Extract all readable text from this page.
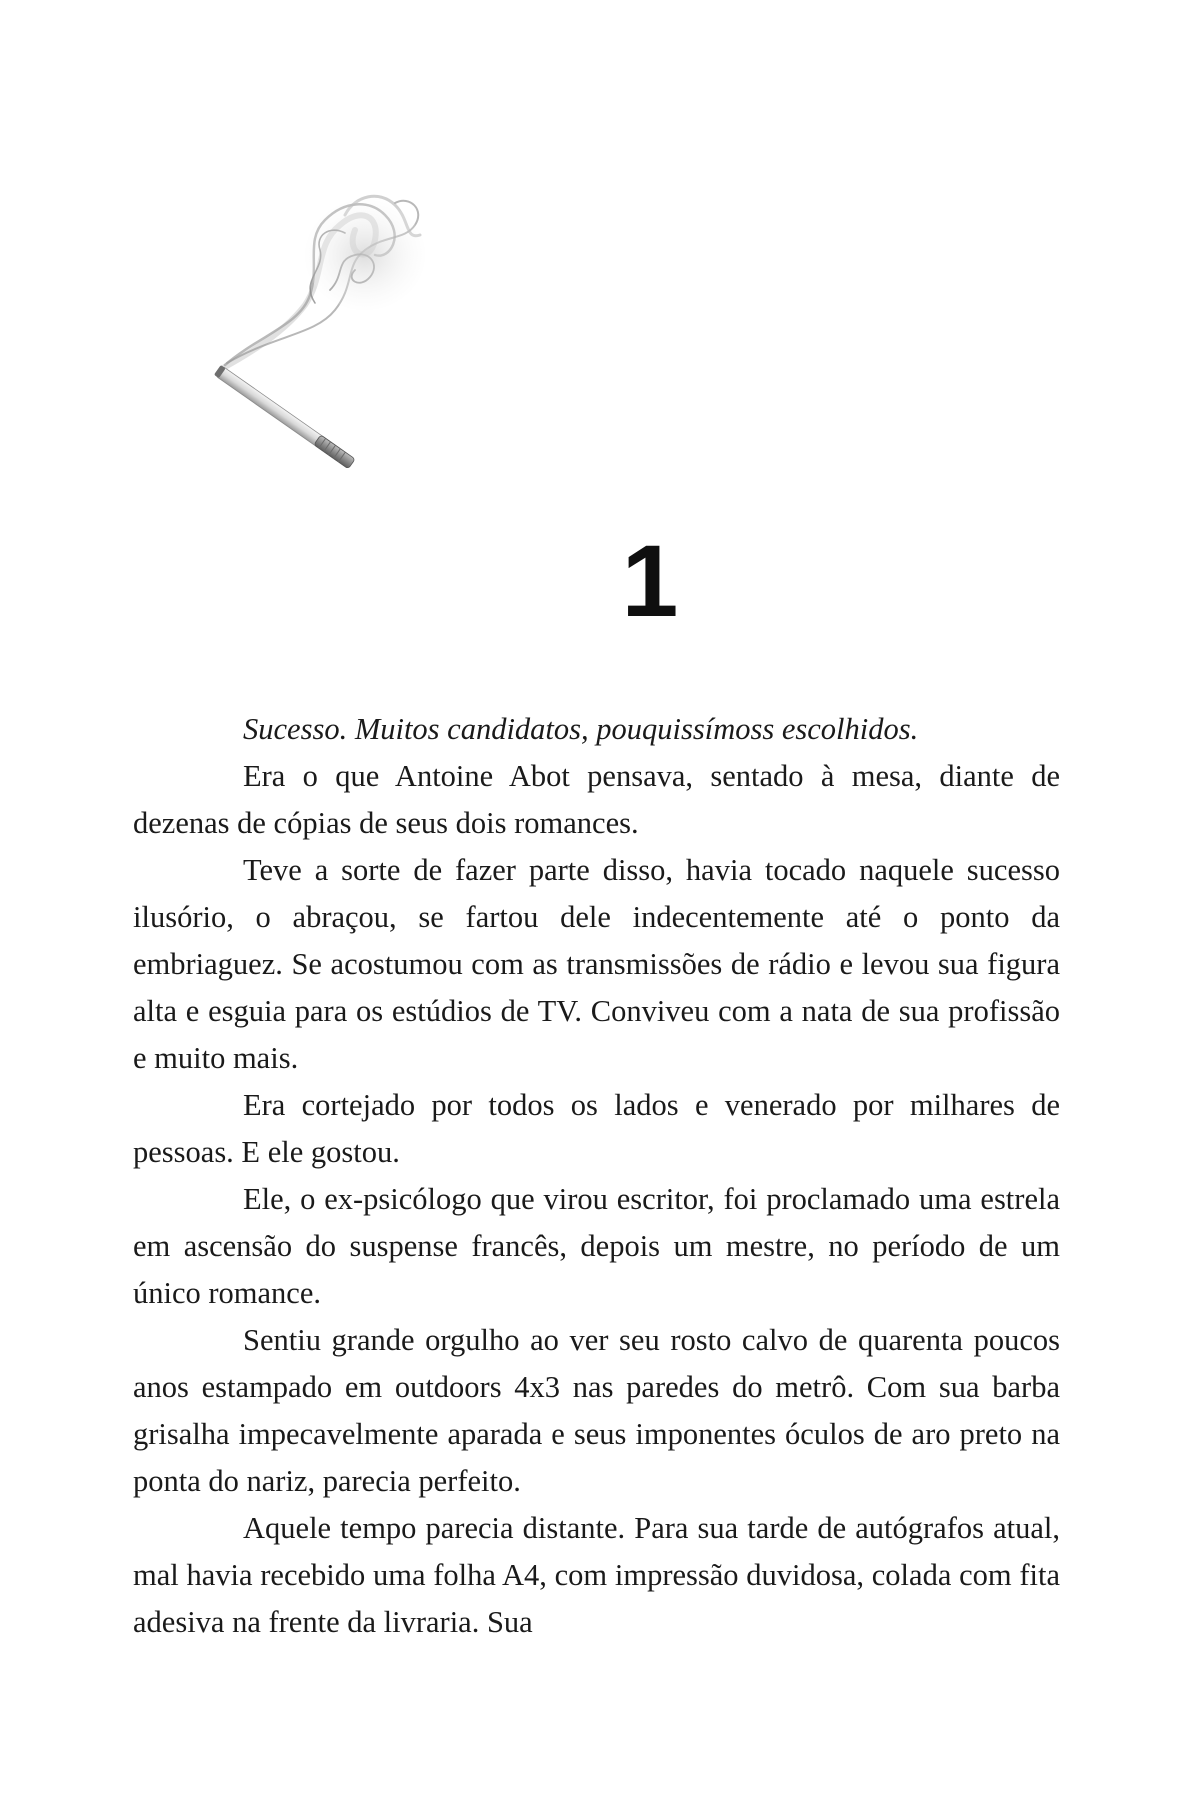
1

Sucesso. Muitos candidatos, pouquissímoss escolhidos.

Era o que Antoine Abot pensava, sentado à mesa, diante de dezenas de cópias de seus dois romances.

Teve a sorte de fazer parte disso, havia tocado naquele sucesso ilusório, o abraçou, se fartou dele indecentemente até o ponto da embriaguez. Se acostumou com as transmissões de rádio e levou sua figura alta e esguia para os estúdios de TV. Conviveu com a nata de sua profissão e muito mais.

Era cortejado por todos os lados e venerado por milhares de pessoas. E ele gostou.

Ele, o ex-psicólogo que virou escritor, foi proclamado uma estrela em ascensão do suspense francês, depois um mestre, no período de um único romance.

Sentiu grande orgulho ao ver seu rosto calvo de quarenta poucos anos estampado em outdoors 4x3 nas paredes do metrô. Com sua barba grisalha impecavelmente aparada e seus imponentes óculos de aro preto na ponta do nariz, parecia perfeito.

Aquele tempo parecia distante. Para sua tarde de autógrafos atual, mal havia recebido uma folha A4, com impressão duvidosa, colada com fita adesiva na frente da livraria. Sua
